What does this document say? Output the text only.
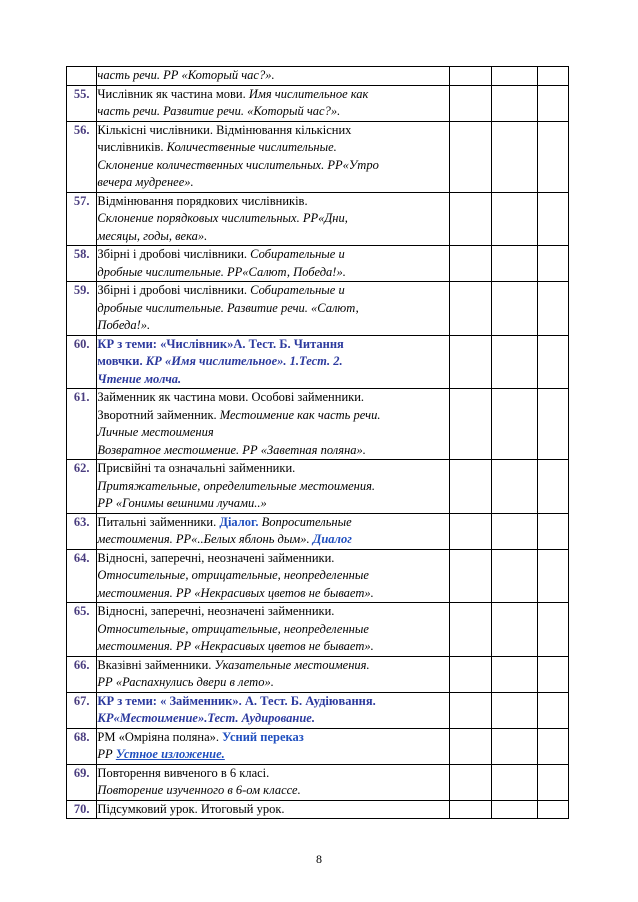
	часть речи. РР «Который час?».			

55.	Числівник як частина мови. Имя числительное как
часть речи. Развитие речи. «Который час?».			

56.	Кількісні числівники. Відмінювання кількісних
числівників. Количественные числительные.
Склонение количественных числительных. РР«Утро
вечера мудренее».			

57.	Відмінювання порядкових числівників.
Склонение порядковых числительных. РР«Дни,
месяцы, годы, века».			

58.	Збірні і дробові числівники. Собирательные и
дробные числительные. РР«Салют, Победа!».			

59.	Збірні і дробові числівники. Собирательные и
дробные числительные. Развитие речи. «Салют,
Победа!».			

60.	КР з теми: «Числівник»А. Тест. Б. Читання
мовчки. КР «Имя числительное». 1.Тест. 2.
Чтение молча.			

61.	Займенник як частина мови. Особові займенники.
Зворотний займенник. Местоимение как часть речи.
Личные местоимения
Возвратное местоимение. РР «Заветная поляна».			

62.	Присвійні та означальні займенники.
Притяжательные, определительные местоимения.
РР «Гонимы вешними лучами..»			

63.	Питальні займенники. Діалог. Вопросительные
местоимения. РР«..Белых яблонь дым». Диалог			

64.	Відносні, заперечні, неозначені займенники.
Относительные, отрицательные, неопределенные
местоимения. РР «Некрасивых цветов не бывает».			

65.	Відносні, заперечні, неозначені займенники.
Относительные, отрицательные, неопределенные
местоимения. РР «Некрасивых цветов не бывает».			

66.	Вказівні займенники. Указательные местоимения.
РР «Распахнулись двери в лето».			

67.	КР з теми: « Займенник». А. Тест. Б. Аудіювання.
КР«Местоимение».Тест. Аудирование.			

68.	РМ «Омріяна поляна». Усний переказ
РР Устное изложение.			

69.	Повторення вивченого в 6 класі.
Повторение изученного в 6-ом классе.			

70.	Підсумковий урок. Итоговый урок.			

8
